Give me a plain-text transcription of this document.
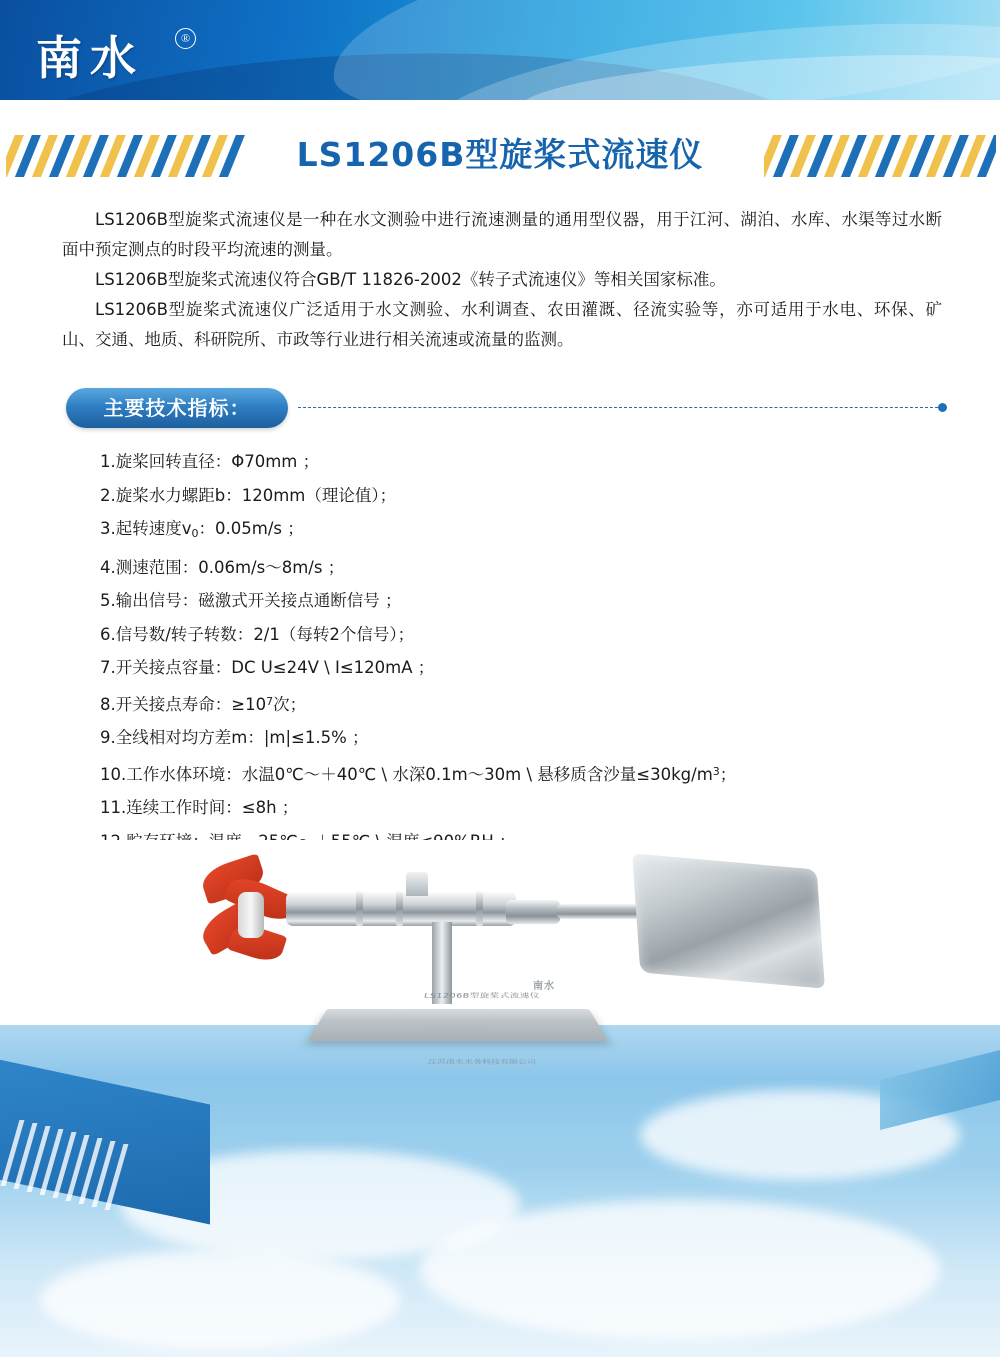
南水	®
LS1206B型旋桨式流速仪

LS1206B型旋桨式流速仪是一种在水文测验中进行流速测量的通用型仪器，用于江河、湖泊、水库、水渠等过水断面中预定测点的时段平均流速的测量。

LS1206B型旋桨式流速仪符合GB/T 11826-2002《转子式流速仪》等相关国家标准。

LS1206B型旋桨式流速仪广泛适用于水文测验、水利调查、农田灌溉、径流实验等，亦可适用于水电、环保、矿山、交通、地质、科研院所、市政等行业进行相关流速或流量的监测。

主要技术指标：
1.旋桨回转直径：Φ70mm ；
2.旋桨水力螺距b：120mm（理论值）；
3.起转速度$v_0$：0.05m/s ；
4.测速范围：0.06m/s～8m/s ；
5.输出信号：磁激式开关接点通断信号 ；
6.信号数/转子转数：2/1（每转2个信号）；
7.开关接点容量：DC U≤24V \ I≤120mA ；
8.开关接点寿命：$\ge 10^7$次；
9.全线相对均方差m：|m|≤1.5% ；
10.工作水体环境：水温0℃～＋40℃ \ 水深0.1m～30m \ 悬移质含沙量$\le 30kg/m^3$；
11.连续工作时间：≤8h ；
LS1206B型旋桨式流速仪
南水
江苏南水水务科技有限公司
